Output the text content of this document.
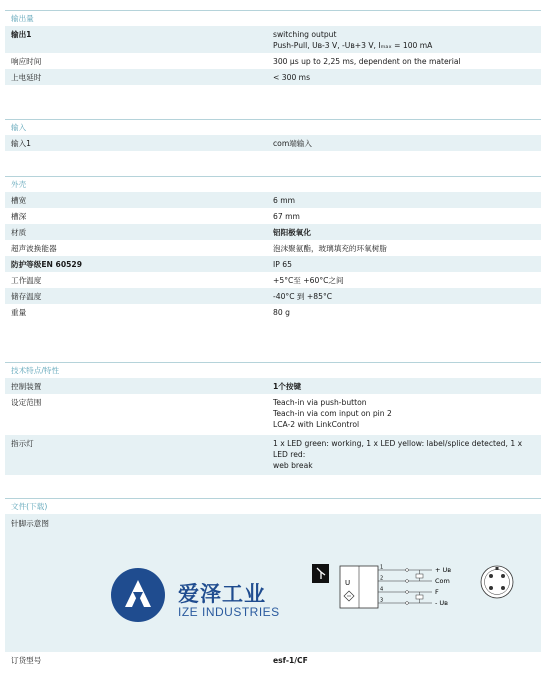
输出量
输出1	switching output
Push-Pull, Uʙ-3 V, -Uʙ+3 V, Iₘₐₓ = 100 mA
响应时间	300 µs up to 2,25 ms, dependent on the material
上电延时	< 300 ms
输入
输入1	com端输入
外壳
槽宽	6 mm
槽深	67 mm
材质	铝阳极氧化
超声波换能器	泡沫聚氨酯，玻璃填充的环氧树脂
防护等级EN 60529	IP 65
工作温度	+5°C至 +60°C之间
储存温度	-40°C 到 +85°C
重量	80 g
技术特点/特性
控制装置	1个按键
设定范围	Teach-in via push-button
Teach-in via com input on pin 2
LCA-2 with LinkControl
指示灯	1 x LED green: working, 1 x LED yellow: label/splice detected, 1 x LED red:
web break
文件(下载)
针脚示意图
爱泽工业
IZE INDUSTRIES
U
1
2
4
3
+ Uʙ
Com
F
- Uʙ
订货型号	esf-1/CF
